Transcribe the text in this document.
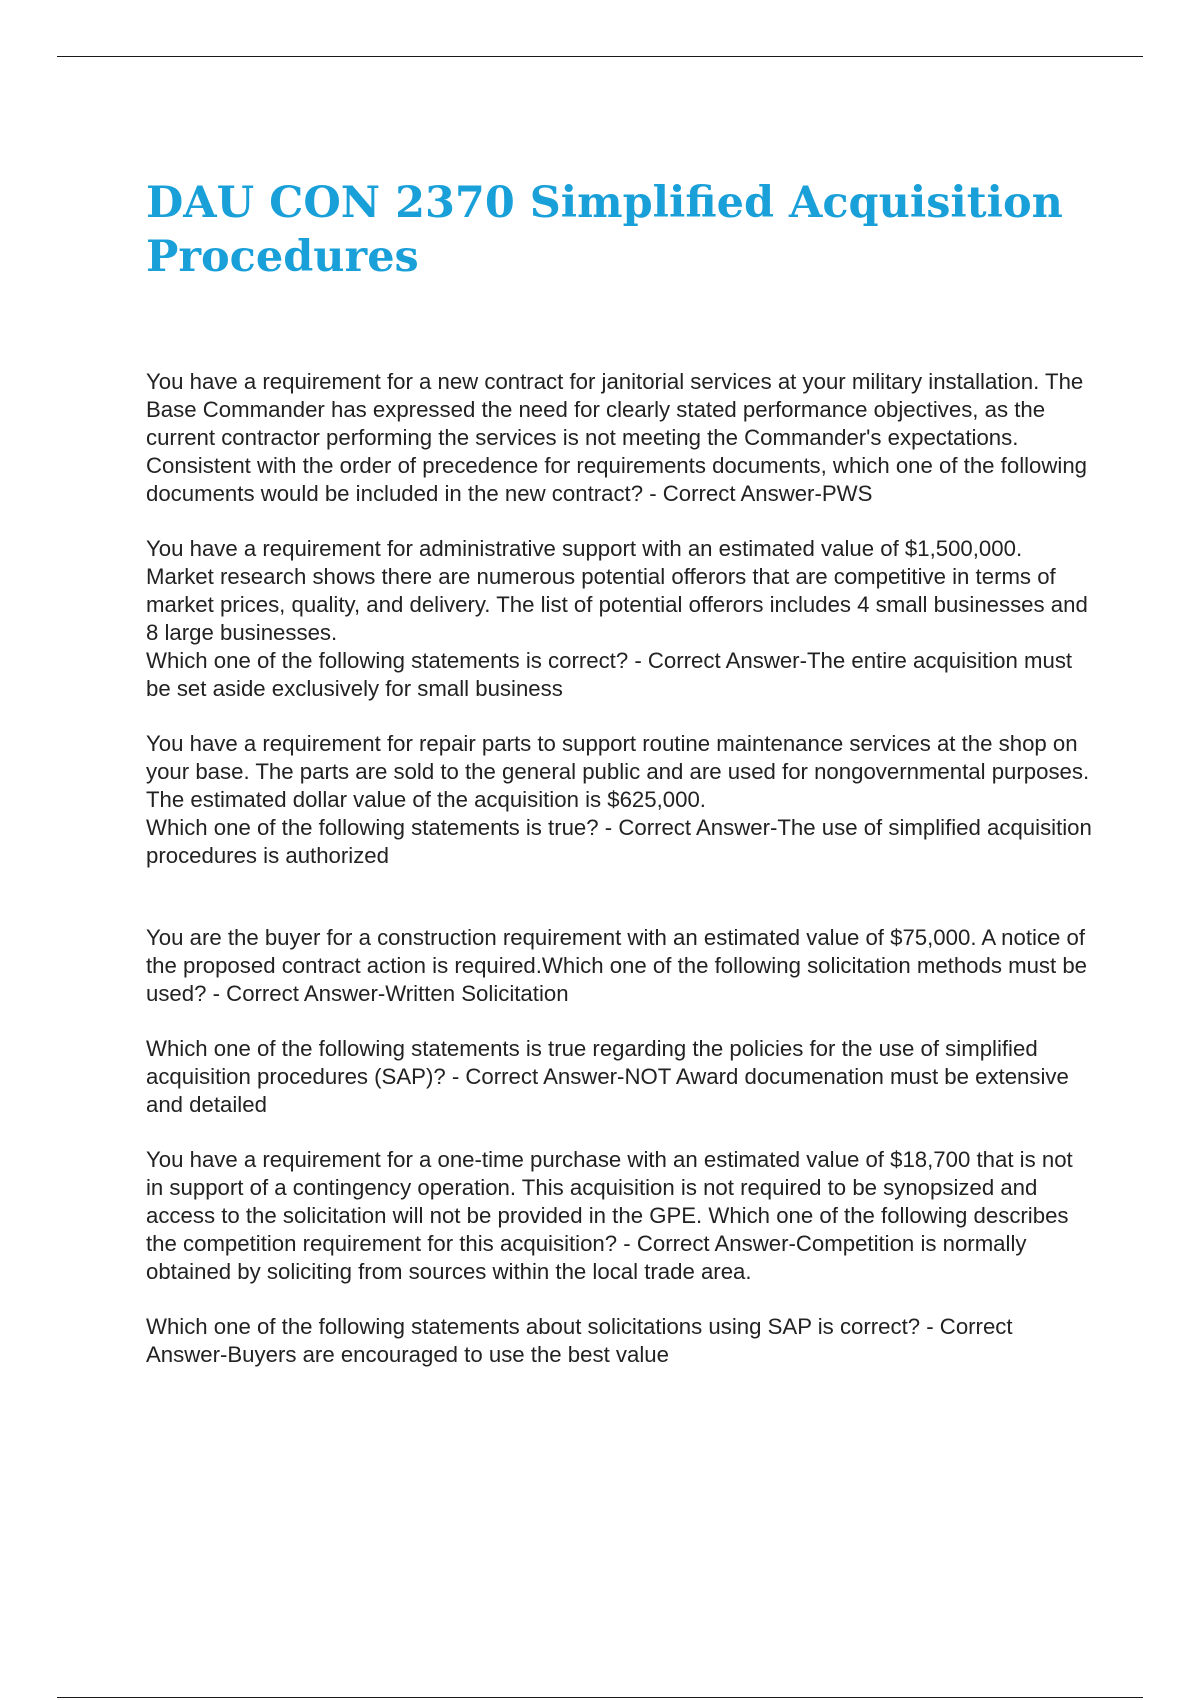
DAU CON 2370 Simplified Acquisition
Procedures

You have a requirement for a new contract for janitorial services at your military installation. The Base Commander has expressed the need for clearly stated performance objectives, as the current contractor performing the services is not meeting the Commander's expectations.

Consistent with the order of precedence for requirements documents, which one of the following documents would be included in the new contract? - Correct Answer-PWS

You have a requirement for administrative support with an estimated value of $1,500,000. Market research shows there are numerous potential offerors that are competitive in terms of market prices, quality, and delivery. The list of potential offerors includes 4 small businesses and 8 large businesses.

Which one of the following statements is correct? - Correct Answer-The entire acquisition must be set aside exclusively for small business

You have a requirement for repair parts to support routine maintenance services at the shop on your base. The parts are sold to the general public and are used for nongovernmental purposes. The estimated dollar value of the acquisition is $625,000.

Which one of the following statements is true? - Correct Answer-The use of simplified acquisition procedures is authorized

You are the buyer for a construction requirement with an estimated value of $75,000. A notice of the proposed contract action is required.Which one of the following solicitation methods must be used? - Correct Answer-Written Solicitation

Which one of the following statements is true regarding the policies for the use of simplified acquisition procedures (SAP)? - Correct Answer-NOT Award documenation must be extensive and detailed

You have a requirement for a one-time purchase with an estimated value of $18,700 that is not in support of a contingency operation. This acquisition is not required to be synopsized and access to the solicitation will not be provided in the GPE. Which one of the following describes the competition requirement for this acquisition? - Correct Answer-Competition is normally obtained by soliciting from sources within the local trade area.

Which one of the following statements about solicitations using SAP is correct? - Correct Answer-Buyers are encouraged to use the best value
